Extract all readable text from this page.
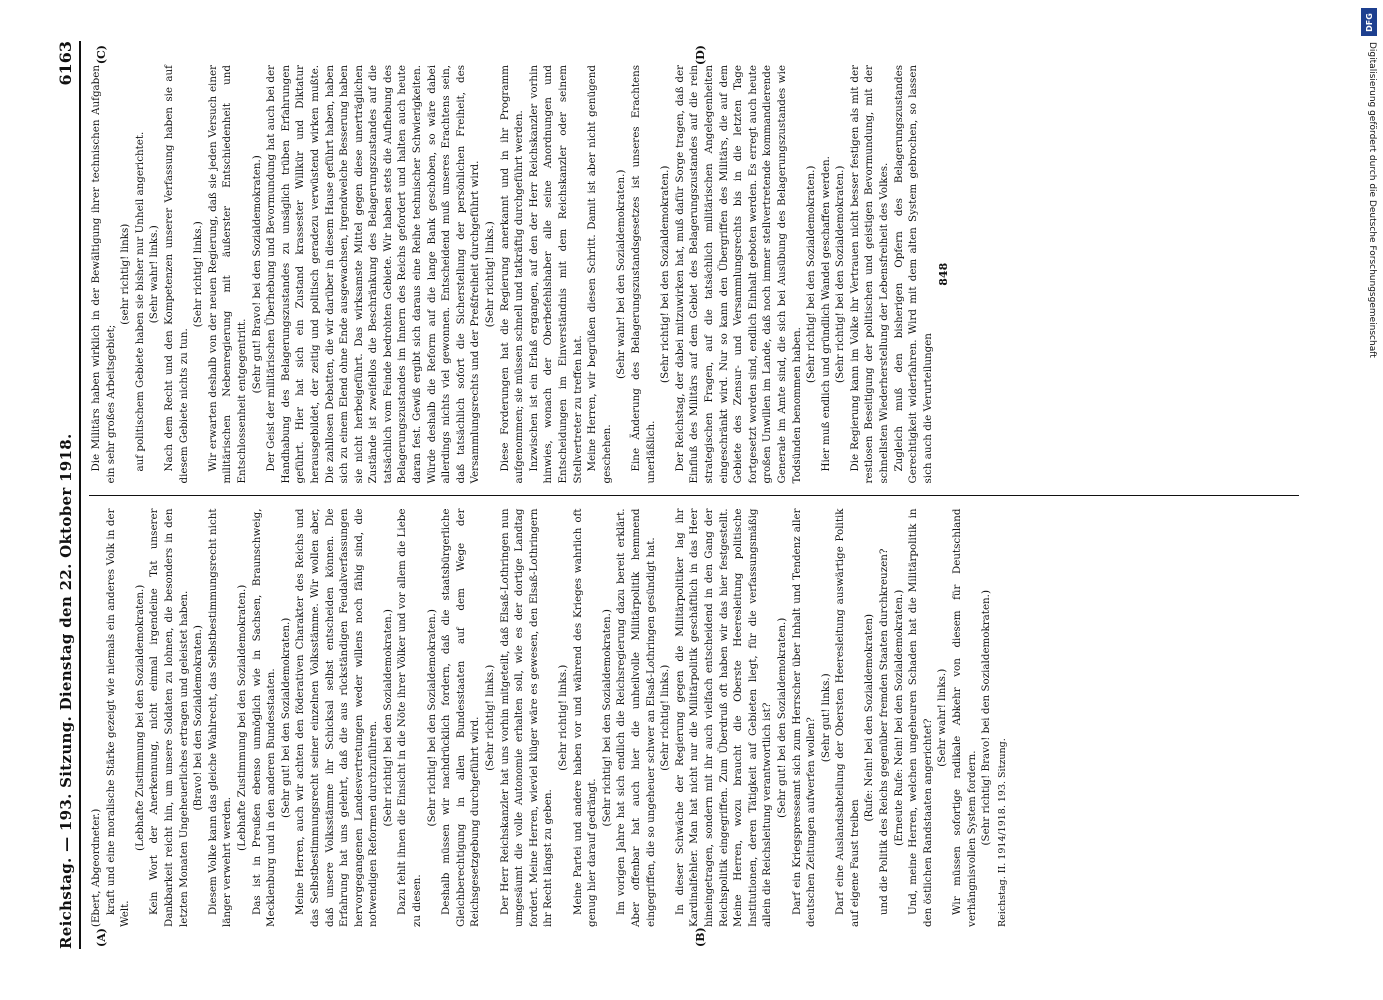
Reichstag. — 193. Sitzung. Dienstag den 22. Oktober 1918.
6163
(A)	(B)

(Ebert, Abgeordneter.) kraft und eine moralische Stärke gezeigt wie niemals ein anderes Volk in der Welt.

(Lebhafte Zustimmung bei den Sozialdemokraten.) Kein Wort der Anerkennung, nicht einmal irgendeine Tat unserer Dankbarkeit reicht hin, um unsere Soldaten zu lohnen, die besonders in den letzten Monaten Ungeheuerliches ertragen und geleistet haben. (Bravo! bei den Sozialdemokraten.) Diesem Volke kann das gleiche Wahlrecht, das Selbstbestimmungsrecht nicht länger verwehrt werden.

(Lebhafte Zustimmung bei den Sozialdemokraten.) Das ist in Preußen ebenso unmöglich wie in Sachsen, Braunschweig, Mecklenburg und in den anderen Bundesstaaten. (Sehr gut! bei den Sozialdemokraten.) Meine Herren, auch wir achten den föderativen Charakter des Reichs und das Selbstbestimmungsrecht seiner einzelnen Volksstämme. Wir wollen aber, daß unsere Volksstämme ihr Schicksal selbst entscheiden können. Die Erfahrung hat uns gelehrt, daß die aus rückständigen Feudalverfassungen hervorgegangenen Landesvertretungen weder willens noch fähig sind, die notwendigen Reformen durchzuführen. (Sehr richtig! bei den Sozialdemokraten.) Dazu fehlt ihnen die Einsicht in die Nöte ihrer Völker und vor allem die Liebe zu diesen.

(Sehr richtig! bei den Sozialdemokraten.) Deshalb müssen wir nachdrücklich fordern, daß die staatsbürgerliche Gleichberechtigung in allen Bundesstaaten auf dem Wege der Reichsgesetzgebung durchgeführt wird. (Sehr richtig! links.) Der Herr Reichskanzler hat uns vorhin mitgeteilt, daß Elsaß-Lothringen nun umgesäumt die volle Autonomie erhalten soll, wie es der dortige Landtag fordert. Meine Herren, wieviel klüger wäre es gewesen, den Elsaß-Lothringern ihr Recht längst zu geben.

(Sehr richtig! links.) Meine Partei und andere haben vor und während des Krieges wahrlich oft genug hier darauf gedrängt.

(Sehr richtig! bei den Sozialdemokraten.) Im vorigen Jahre hat sich endlich die Reichsregierung dazu bereit erklärt. Aber offenbar hat auch hier die unheilvolle Militärpolitik hemmend eingegriffen, die so ungeheuer schwer an Elsaß-Lothringen gesündigt hat. (Sehr richtig! links.) In dieser Schwäche der Regierung gegen die Militärpolitiker lag ihr Kardinalfehler. Man hat nicht nur die Militärpolitik geschäftlich in das Heer hineingetragen, sondern mit ihr auch vielfach entscheidend in den Gang der Reichspolitik eingegriffen. Zum Überdruß oft haben wir das hier festgestellt. Meine Herren, wozu braucht die Oberste Heeresleitung politische Institutionen, deren Tätigkeit auf Gebieten liegt, für die verfassungsmäßig allein die Reichsleitung verantwortlich ist? (Sehr gut! bei den Sozialdemokraten.) Darf ein Kriegspresseamt sich zum Herrscher über Inhalt und Tendenz aller deutschen Zeitungen aufwerfen wollen? (Sehr gut! links.) Darf eine Auslandsabteilung der Obersten Heeresleitung auswärtige Politik auf eigene Faust treiben

(Rufe: Nein! bei den Sozialdemokraten) und die Politik des Reichs gegenüber fremden Staaten durchkreuzen? (Erneute Rufe: Nein! bei den Sozialdemokraten.) Und, meine Herren, welchen ungeheuren Schaden hat die Militärpolitik in den östlichen Randstaaten angerichtet?

(Sehr wahr! links.) Wir müssen sofortige radikale Abkehr von diesem für Deutschland verhängnisvollen System fordern. (Sehr richtig! Bravo! bei den Sozialdemokraten.) Reichstag. II. 1914/1918. 193. Sitzung.
(C)	(D)

Die Militärs haben wirklich in der Bewältigung ihrer technischen Aufgaben ein sehr großes Arbeitsgebiet;

(sehr richtig! links) auf politischem Gebiete haben sie bisher nur Unheil angerichtet. (Sehr wahr! links.) Nach dem Recht und den Kompetenzen unserer Verfassung haben sie auf diesem Gebiete nichts zu tun.

(Sehr richtig! links.) Wir erwarten deshalb von der neuen Regierung, daß sie jeden Versuch einer militärischen Nebenregierung mit äußerster Entschiedenheit und Entschlossenheit entgegentritt.

(Sehr gut! Bravo! bei den Sozialdemokraten.) Der Geist der militärischen Überhebung und Bevormundung hat auch bei der Handhabung des Belagerungszustandes zu unsäglich trüben Erfahrungen geführt. Hier hat sich ein Zustand krassester Willkür und Diktatur herausgebildet, der zeitig und politisch geradezu verwüstend wirken mußte. Die zahllosen Debatten, die wir darüber in diesem Hause geführt haben, haben sich zu einem Elend ohne Ende ausgewachsen, irgendwelche Besserung haben sie nicht herbeigeführt. Das wirksamste Mittel gegen diese unerträglichen Zustände ist zweifellos die Beschränkung des Belagerungszustandes auf die tatsächlich vom Feinde bedrohten Gebiete. Wir haben stets die Aufhebung des Belagerungszustandes im Innern des Reichs gefordert und halten auch heute daran fest. Gewiß ergibt sich daraus eine Reihe technischer Schwierigkeiten. Würde deshalb die Reform auf die lange Bank geschoben, so wäre dabei allerdings nichts viel gewonnen. Entscheidend muß unseres Erachtens sein, daß tatsächlich sofort die Sicherstellung der persönlichen Freiheit, des Versammlungsrechts und der Preßfreiheit durchgeführt wird. (Sehr richtig! links.) Diese Forderungen hat die Regierung anerkannt und in ihr Programm aufgenommen; sie müssen schnell und tatkräftig durchgeführt werden. Inzwischen ist ein Erlaß ergangen, auf den der Herr Reichskanzler vorhin hinwies, wonach der Oberbefehlshaber alle seine Anordnungen und Entscheidungen im Einverständnis mit dem Reichskanzler oder seinem Stellvertreter zu treffen hat. Meine Herren, wir begrüßen diesen Schritt. Damit ist aber nicht genügend geschehen.

(Sehr wahr! bei den Sozialdemokraten.) Eine Änderung des Belagerungszustandsgesetzes ist unseres Erachtens unerläßlich.

(Sehr richtig! bei den Sozialdemokraten.) Der Reichstag, der dabei mitzuwirken hat, muß dafür Sorge tragen, daß der Einfluß des Militärs auf dem Gebiet des Belagerungszustandes auf die rein strategischen Fragen, auf die tatsächlich militärischen Angelegenheiten eingeschränkt wird. Nur so kann den Übergriffen des Militärs, die auf dem Gebiete des Zensur- und Versammlungsrechts bis in die letzten Tage fortgesetzt worden sind, endlich Einhalt geboten werden. Es erregt auch heute großen Unwillen im Lande, daß noch immer stellvertretende kommandierende Generale im Amte sind, die sich bei Ausübung des Belagerungszustandes wie Todsünden benommen haben.

(Sehr richtig! bei den Sozialdemokraten.) Hier muß endlich und gründlich Wandel geschaffen werden. (Sehr richtig! bei den Sozialdemokraten.) Die Regierung kann im Volke ihr Vertrauen nicht besser festigen als mit der restlosen Beseitigung der politischen und geistigen Bevormundung, mit der schnellsten Wiederherstellung der Lebensfreiheit des Volkes. Zugleich muß den bisherigen Opfern des Belagerungszustandes Gerechtigkeit widerfahren. Wird mit dem alten System gebrochen, so lassen sich auch die Verurteilungen

848
DFG
Digitalisierung gefördert durch die Deutsche Forschungsgemeinschaft
